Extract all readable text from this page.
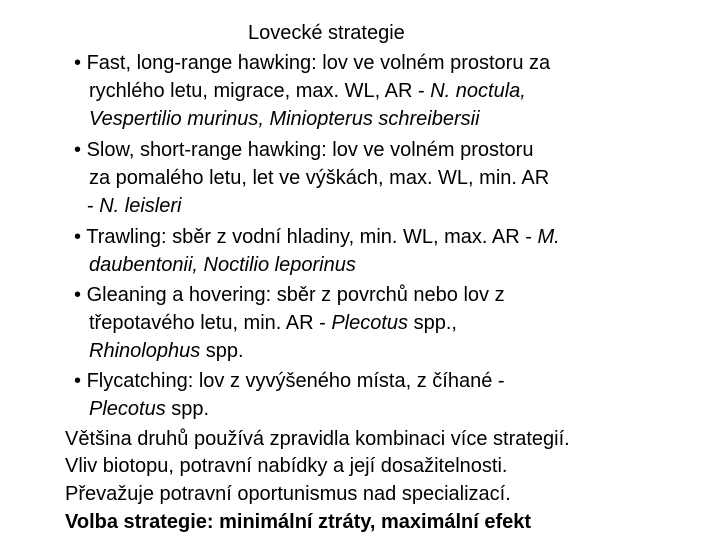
Lovecké strategie
• Fast, long-range hawking: lov ve volném prostoru za
rychlého letu, migrace, max. WL, AR - N. noctula,
Vespertilio murinus, Miniopterus schreibersii
• Slow, short-range hawking: lov ve volném prostoru
za pomalého letu, let ve výškách, max. WL, min. AR
- N. leisleri
• Trawling: sběr z vodní hladiny, min. WL, max. AR - M.
daubentonii, Noctilio leporinus
• Gleaning a hovering: sběr z povrchů nebo lov z
třepotavého letu, min. AR - Plecotus spp.,
Rhinolophus spp.
• Flycatching: lov z vyvýšeného místa, z číhané -
Plecotus spp.
Většina druhů používá zpravidla kombinaci více strategií.
Vliv biotopu, potravní nabídky a její dosažitelnosti.
Převažuje potravní oportunismus nad specializací.
Volba strategie: minimální ztráty, maximální efekt
